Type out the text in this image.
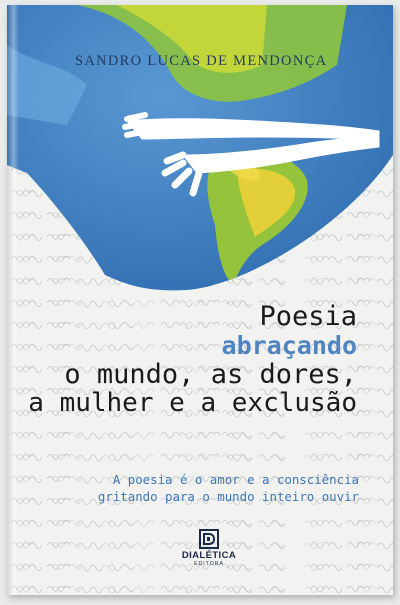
SANDRO LUCAS DE MENDONÇA
Poesia
abraçando
o mundo, as dores,
a mulher e a exclusão
A poesia é o amor e a consciência
gritando para o mundo inteiro ouvir
DIALÉTICA
EDITORA
